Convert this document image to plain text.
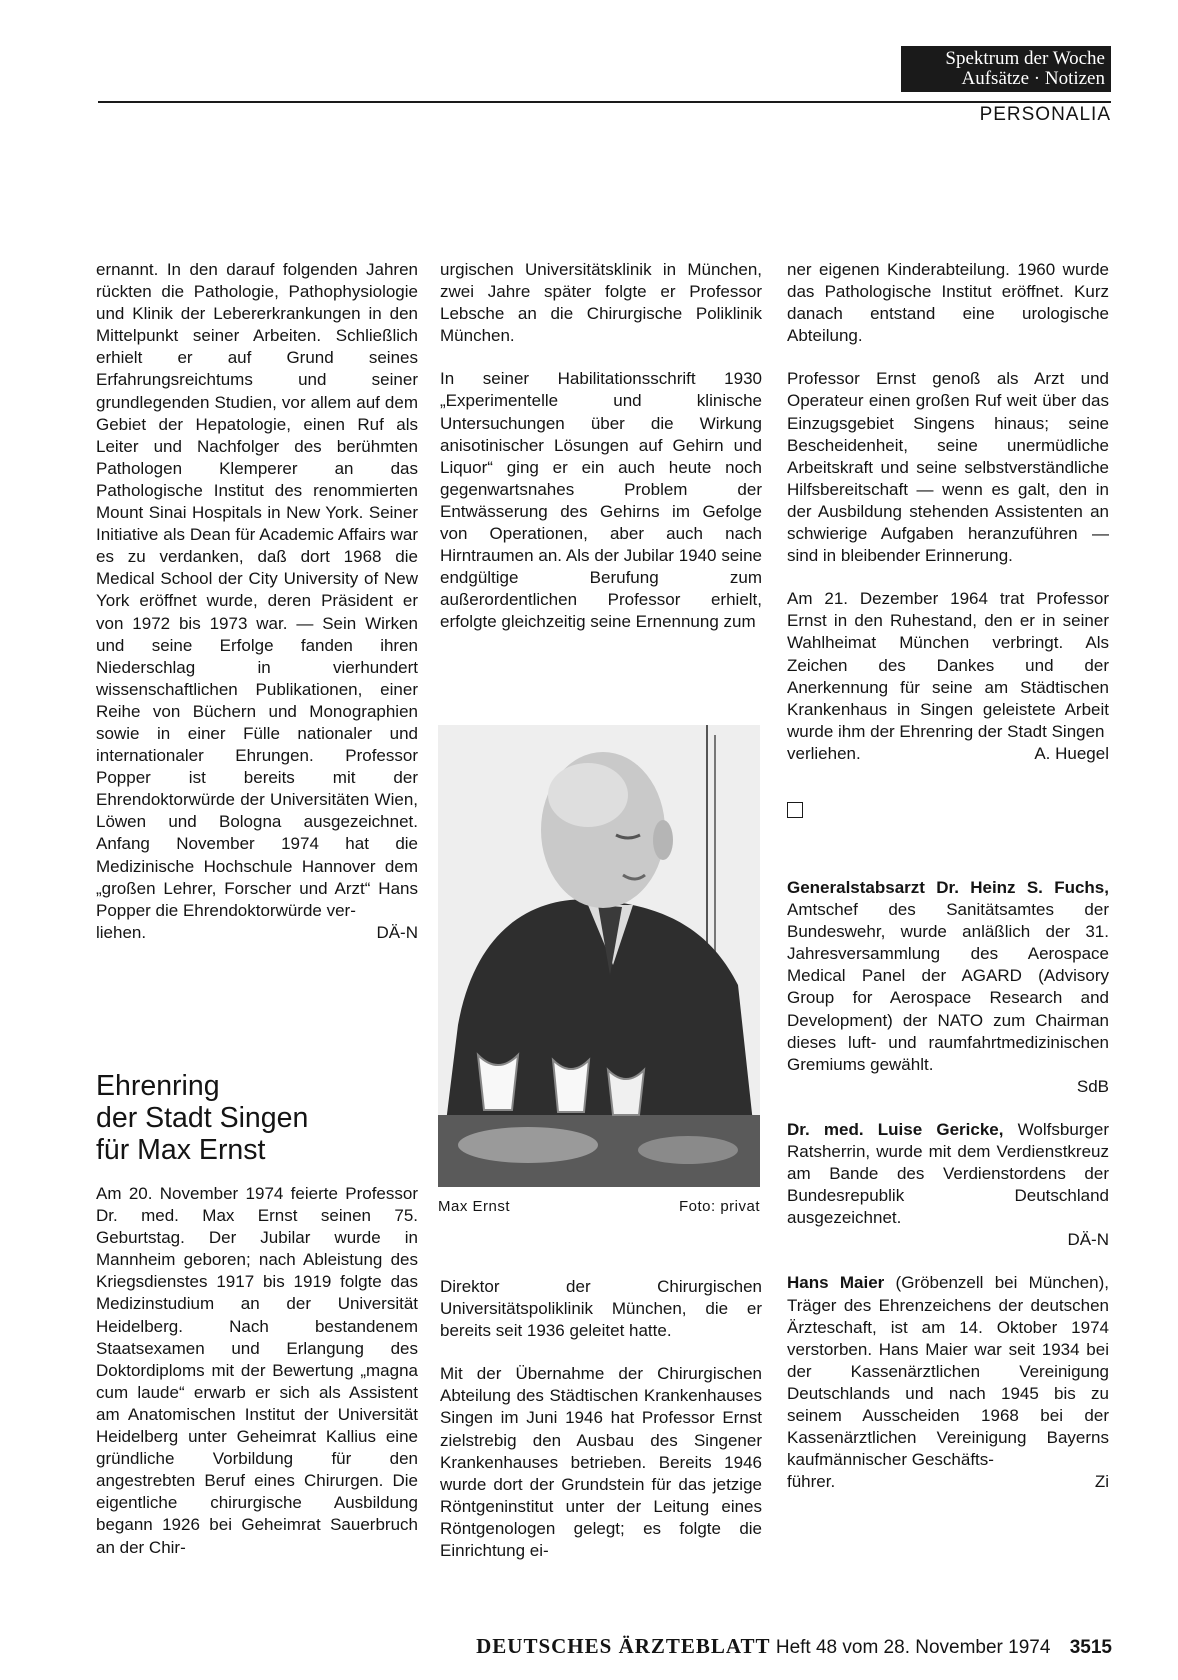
Spektrum der Woche
Aufsätze · Notizen
PERSONALIA

ernannt. In den darauf folgenden Jahren rückten die Pathologie, Pathophysiologie und Klinik der Lebererkrankungen in den Mittelpunkt seiner Arbeiten. Schließlich erhielt er auf Grund seines Erfahrungsreichtums und seiner grundlegenden Studien, vor allem auf dem Gebiet der Hepatologie, einen Ruf als Leiter und Nachfolger des berühmten Pathologen Klemperer an das Pathologische Institut des renommierten Mount Sinai Hospitals in New York. Seiner Initiative als Dean für Academic Affairs war es zu verdanken, daß dort 1968 die Medical School der City University of New York eröffnet wurde, deren Präsident er von 1972 bis 1973 war. — Sein Wirken und seine Erfolge fanden ihren Niederschlag in vierhundert wissenschaftlichen Publikationen, einer Reihe von Büchern und Monographien sowie in einer Fülle nationaler und internationaler Ehrungen. Professor Popper ist bereits mit der Ehrendoktorwürde der Universitäten Wien, Löwen und Bologna ausgezeichnet. Anfang November 1974 hat die Medizinische Hochschule Hannover dem „großen Lehrer, Forscher und Arzt“ Hans Popper die Ehrendoktorwürde ver-

liehen.	DÄ-N

Ehrenring
der Stadt Singen
für Max Ernst

Am 20. November 1974 feierte Professor Dr. med. Max Ernst seinen 75. Geburtstag. Der Jubilar wurde in Mannheim geboren; nach Ableistung des Kriegsdienstes 1917 bis 1919 folgte das Medizinstudium an der Universität Heidelberg. Nach bestandenem Staatsexamen und Erlangung des Doktordiploms mit der Bewertung „magna cum laude“ erwarb er sich als Assistent am Anatomischen Institut der Universität Heidelberg unter Geheimrat Kallius eine gründliche Vorbildung für den angestrebten Beruf eines Chirurgen. Die eigentliche chirurgische Ausbildung begann 1926 bei Geheimrat Sauerbruch an der Chir-

urgischen Universitätsklinik in München, zwei Jahre später folgte er Professor Lebsche an die Chirurgische Poliklinik München.

In seiner Habilitationsschrift 1930 „Experimentelle und klinische Untersuchungen über die Wirkung anisotinischer Lösungen auf Gehirn und Liquor“ ging er ein auch heute noch gegenwartsnahes Problem der Entwässerung des Gehirns im Gefolge von Operationen, aber auch nach Hirntraumen an. Als der Jubilar 1940 seine endgültige Berufung zum außerordentlichen Professor erhielt, erfolgte gleichzeitig seine Ernennung zum

Max Ernst	Foto: privat

Direktor der Chirurgischen Universitätspoliklinik München, die er bereits seit 1936 geleitet hatte.

Mit der Übernahme der Chirurgischen Abteilung des Städtischen Krankenhauses Singen im Juni 1946 hat Professor Ernst zielstrebig den Ausbau des Singener Krankenhauses betrieben. Bereits 1946 wurde dort der Grundstein für das jetzige Röntgeninstitut unter der Leitung eines Röntgenologen gelegt; es folgte die Einrichtung ei-

ner eigenen Kinderabteilung. 1960 wurde das Pathologische Institut eröffnet. Kurz danach entstand eine urologische Abteilung.

Professor Ernst genoß als Arzt und Operateur einen großen Ruf weit über das Einzugsgebiet Singens hinaus; seine Bescheidenheit, seine unermüdliche Arbeitskraft und seine selbstverständliche Hilfsbereitschaft — wenn es galt, den in der Ausbildung stehenden Assistenten an schwierige Aufgaben heranzuführen — sind in bleibender Erinnerung.

Am 21. Dezember 1964 trat Professor Ernst in den Ruhestand, den er in seiner Wahlheimat München verbringt. Als Zeichen des Dankes und der Anerkennung für seine am Städtischen Krankenhaus in Singen geleistete Arbeit wurde ihm der Ehrenring der Stadt Singen

verliehen.	A. Huegel

Generalstabsarzt Dr. Heinz S. Fuchs, Amtschef des Sanitätsamtes der Bundeswehr, wurde anläßlich der 31. Jahresversammlung des Aerospace Medical Panel der AGARD (Advisory Group for Aerospace Research and Development) der NATO zum Chairman dieses luft- und raumfahrtmedizinischen Gremiums gewählt.

SdB

Dr. med. Luise Gericke, Wolfsburger Ratsherrin, wurde mit dem Verdienstkreuz am Bande des Verdienstordens der Bundesrepublik Deutschland ausgezeichnet.

DÄ-N

Hans Maier (Gröbenzell bei München), Träger des Ehrenzeichens der deutschen Ärzteschaft, ist am 14. Oktober 1974 verstorben. Hans Maier war seit 1934 bei der Kassenärztlichen Vereinigung Deutschlands und nach 1945 bis zu seinem Ausscheiden 1968 bei der Kassenärztlichen Vereinigung Bayerns kaufmännischer Geschäfts-

führer.	Zi

DEUTSCHES ÄRZTEBLATT Heft 48 vom 28. November 1974 3515
